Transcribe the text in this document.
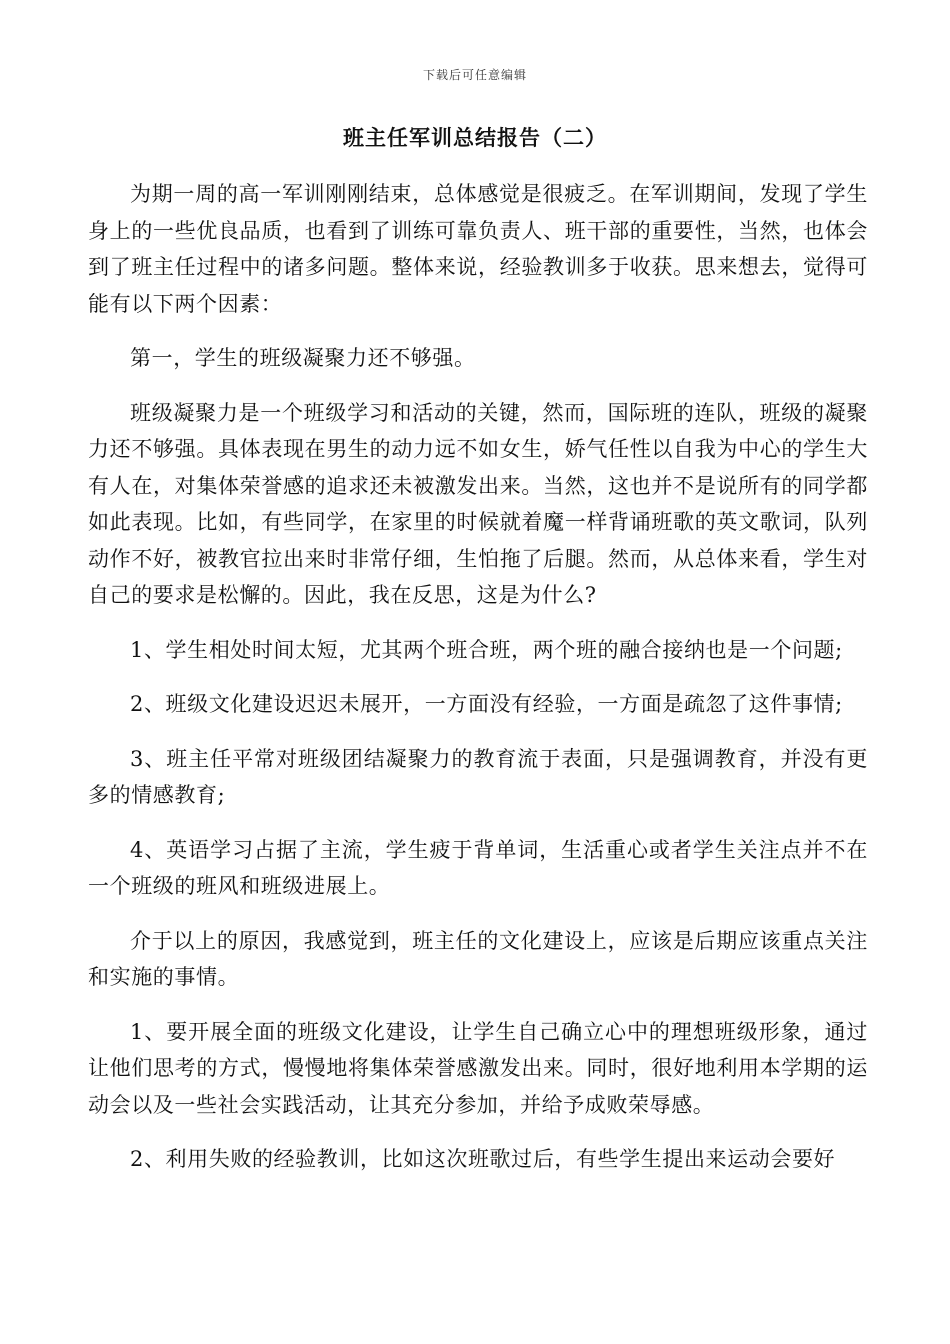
下载后可任意编辑
班主任军训总结报告（二）

为期一周的高一军训刚刚结束，总体感觉是很疲乏。在军训期间，发现了学生身上的一些优良品质，也看到了训练可靠负责人、班干部的重要性，当然，也体会到了班主任过程中的诸多问题。整体来说，经验教训多于收获。思来想去，觉得可能有以下两个因素：

第一，学生的班级凝聚力还不够强。

班级凝聚力是一个班级学习和活动的关键，然而，国际班的连队，班级的凝聚力还不够强。具体表现在男生的动力远不如女生，娇气任性以自我为中心的学生大有人在，对集体荣誉感的追求还未被激发出来。当然，这也并不是说所有的同学都如此表现。比如，有些同学，在家里的时候就着魔一样背诵班歌的英文歌词，队列动作不好，被教官拉出来时非常仔细，生怕拖了后腿。然而，从总体来看，学生对自己的要求是松懈的。因此，我在反思，这是为什么?

1、学生相处时间太短，尤其两个班合班，两个班的融合接纳也是一个问题;

2、班级文化建设迟迟未展开，一方面没有经验，一方面是疏忽了这件事情;

3、班主任平常对班级团结凝聚力的教育流于表面，只是强调教育，并没有更多的情感教育;

4、英语学习占据了主流，学生疲于背单词，生活重心或者学生关注点并不在一个班级的班风和班级进展上。

介于以上的原因，我感觉到，班主任的文化建设上，应该是后期应该重点关注和实施的事情。

1、要开展全面的班级文化建设，让学生自己确立心中的理想班级形象，通过让他们思考的方式，慢慢地将集体荣誉感激发出来。同时，很好地利用本学期的运动会以及一些社会实践活动，让其充分参加，并给予成败荣辱感。

2、利用失败的经验教训，比如这次班歌过后，有些学生提出来运动会要好
